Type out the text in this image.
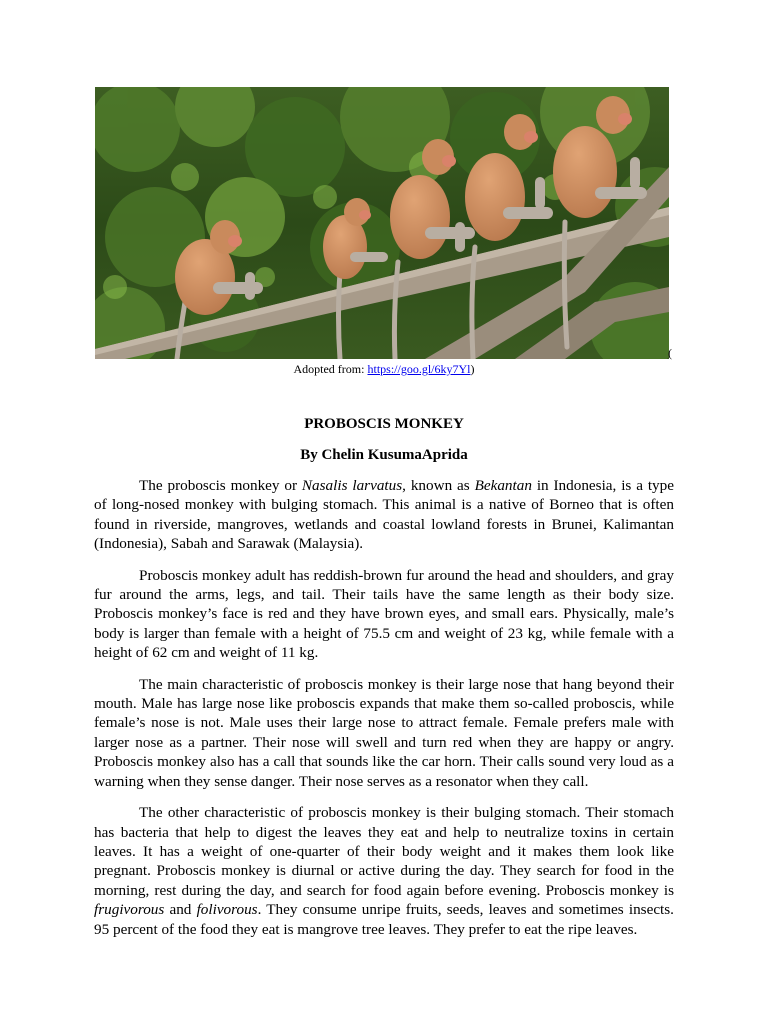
(
Adopted from: https://goo.gl/6ky7Yl)
PROBOSCIS MONKEY
By Chelin KusumaAprida

The proboscis monkey or Nasalis larvatus, known as Bekantan in Indonesia, is a type of long-nosed monkey with bulging stomach. This animal is a native of Borneo that is often found in riverside, mangroves, wetlands and coastal lowland forests in Brunei, Kalimantan (Indonesia), Sabah and Sarawak (Malaysia).

Proboscis monkey adult has reddish-brown fur around the head and shoulders, and gray fur around the arms, legs, and tail. Their tails have the same length as their body size. Proboscis monkey’s face is red and they have brown eyes, and small ears. Physically, male’s body is larger than female with a height of 75.5 cm and weight of 23 kg, while female with a height of 62 cm and weight of 11 kg.

The main characteristic of proboscis monkey is their large nose that hang beyond their mouth. Male has large nose like proboscis expands that make them so-called proboscis, while female’s nose is not. Male uses their large nose to attract female. Female prefers male with larger nose as a partner. Their nose will swell and turn red when they are happy or angry. Proboscis monkey also has a call that sounds like the car horn. Their calls sound very loud as a warning when they sense danger. Their nose serves as a resonator when they call.

The other characteristic of proboscis monkey is their bulging stomach. Their stomach has bacteria that help to digest the leaves they eat and help to neutralize toxins in certain leaves. It has a weight of one-quarter of their body weight and it makes them look like pregnant. Proboscis monkey is diurnal or active during the day. They search for food in the morning, rest during the day, and search for food again before evening. Proboscis monkey is frugivorous and folivorous. They consume unripe fruits, seeds, leaves and sometimes insects. 95 percent of the food they eat is mangrove tree leaves. They prefer to eat the ripe leaves.
